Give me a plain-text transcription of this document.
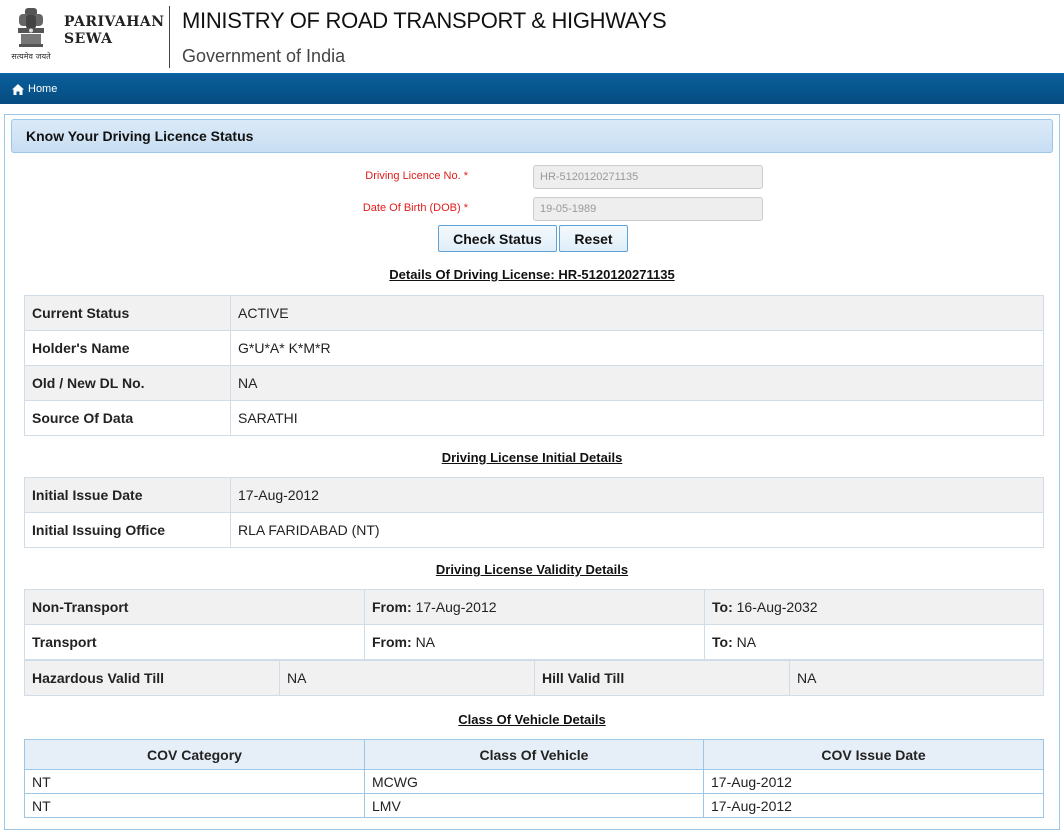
सत्यमेव जयते
PARIVAHAN
SEWA
MINISTRY OF ROAD TRANSPORT & HIGHWAYS
Government of India
Home
Know Your Driving Licence Status
Driving Licence No. *
HR-5120120271135
Date Of Birth (DOB) *
19-05-1989
Check Status	Reset
Details Of Driving License: HR-5120120271135
Current Status	ACTIVE
Holder's Name	G*U*A* K*M*R
Old / New DL No.	NA
Source Of Data	SARATHI
Driving License Initial Details
Initial Issue Date	17-Aug-2012
Initial Issuing Office	RLA FARIDABAD (NT)
Driving License Validity Details
Non-Transport	From: 17-Aug-2012	To: 16-Aug-2032
Transport	From: NA	To: NA
Hazardous Valid Till	NA	Hill Valid Till	NA
Class Of Vehicle Details
COV Category	Class Of Vehicle	COV Issue Date
NT	MCWG	17-Aug-2012
NT	LMV	17-Aug-2012
